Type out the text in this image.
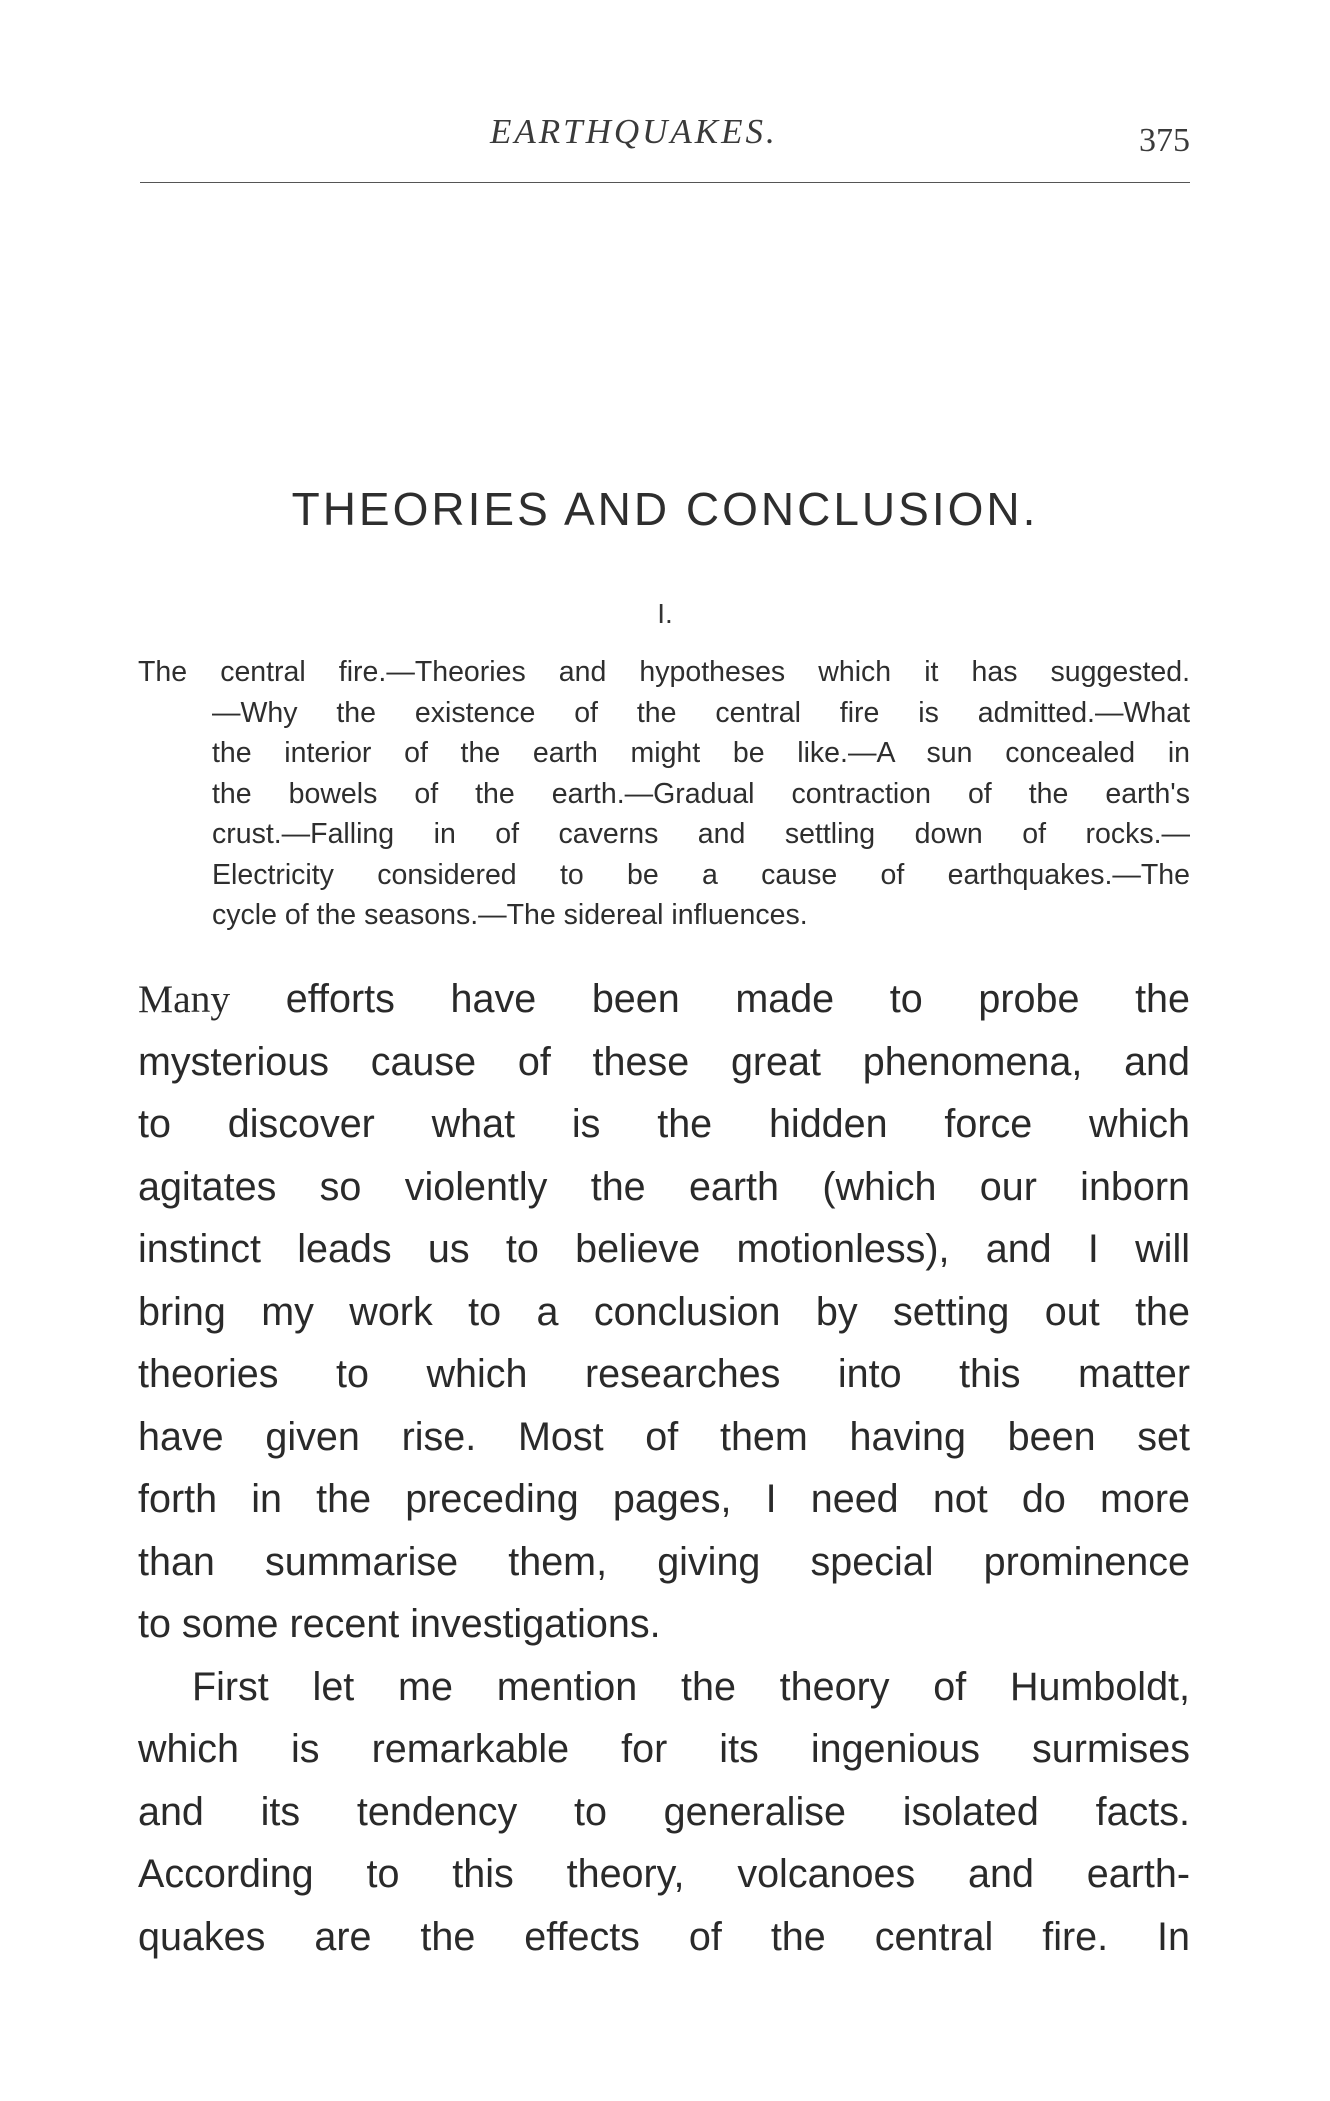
EARTHQUAKES.	375
THEORIES AND CONCLUSION.
I.
The central fire.—Theories and hypotheses which it has suggested.
—Why the existence of the central fire is admitted.—What
the interior of the earth might be like.—A sun concealed in
the bowels of the earth.—Gradual contraction of the earth's
crust.—Falling in of caverns and settling down of rocks.—
Electricity considered to be a cause of earthquakes.—The
cycle of the seasons.—The sidereal influences.
Many efforts have been made to probe the
mysterious cause of these great phenomena, and
to discover what is the hidden force which
agitates so violently the earth (which our inborn
instinct leads us to believe motionless), and I will
bring my work to a conclusion by setting out the
theories to which researches into this matter
have given rise. Most of them having been set
forth in the preceding pages, I need not do more
than summarise them, giving special prominence
to some recent investigations.
First let me mention the theory of Humboldt,
which is remarkable for its ingenious surmises
and its tendency to generalise isolated facts.
According to this theory, volcanoes and earth-
quakes are the effects of the central fire. In
